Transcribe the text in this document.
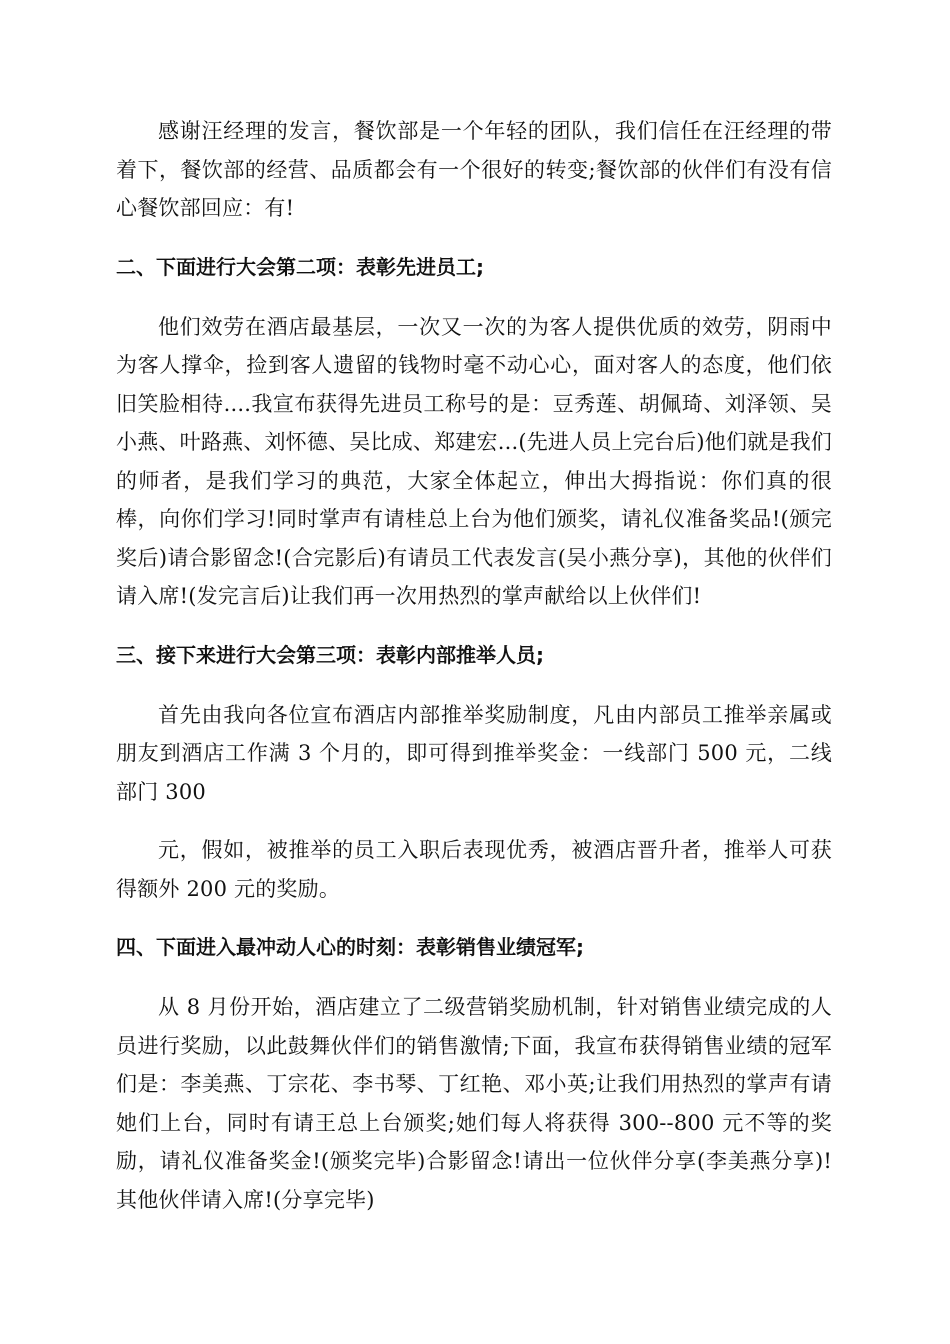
感谢汪经理的发言，餐饮部是一个年轻的团队，我们信任在汪经理的带着下，餐饮部的经营、品质都会有一个很好的转变;餐饮部的伙伴们有没有信心餐饮部回应：有!

二、下面进行大会第二项：表彰先进员工;

他们效劳在酒店最基层，一次又一次的为客人提供优质的效劳，阴雨中为客人撑伞，捡到客人遗留的钱物时毫不动心心，面对客人的态度，他们依旧笑脸相待....我宣布获得先进员工称号的是：豆秀莲、胡佩琦、刘泽领、吴小燕、叶路燕、刘怀德、吴比成、郑建宏...(先进人员上完台后)他们就是我们的师者，是我们学习的典范，大家全体起立，伸出大拇指说：你们真的很棒，向你们学习!同时掌声有请桂总上台为他们颁奖，请礼仪准备奖品!(颁完奖后)请合影留念!(合完影后)有请员工代表发言(吴小燕分享)，其他的伙伴们请入席!(发完言后)让我们再一次用热烈的掌声献给以上伙伴们!

三、接下来进行大会第三项：表彰内部推举人员;

首先由我向各位宣布酒店内部推举奖励制度，凡由内部员工推举亲属或朋友到酒店工作满 3 个月的，即可得到推举奖金：一线部门 500 元，二线部门 300

元，假如，被推举的员工入职后表现优秀，被酒店晋升者，推举人可获得额外 200 元的奖励。

四、下面进入最冲动人心的时刻：表彰销售业绩冠军;

从 8 月份开始，酒店建立了二级营销奖励机制，针对销售业绩完成的人员进行奖励，以此鼓舞伙伴们的销售激情;下面，我宣布获得销售业绩的冠军们是：李美燕、丁宗花、李书琴、丁红艳、邓小英;让我们用热烈的掌声有请她们上台，同时有请王总上台颁奖;她们每人将获得 300--800 元不等的奖励，请礼仪准备奖金!(颁奖完毕)合影留念!请出一位伙伴分享(李美燕分享)!其他伙伴请入席!(分享完毕)
